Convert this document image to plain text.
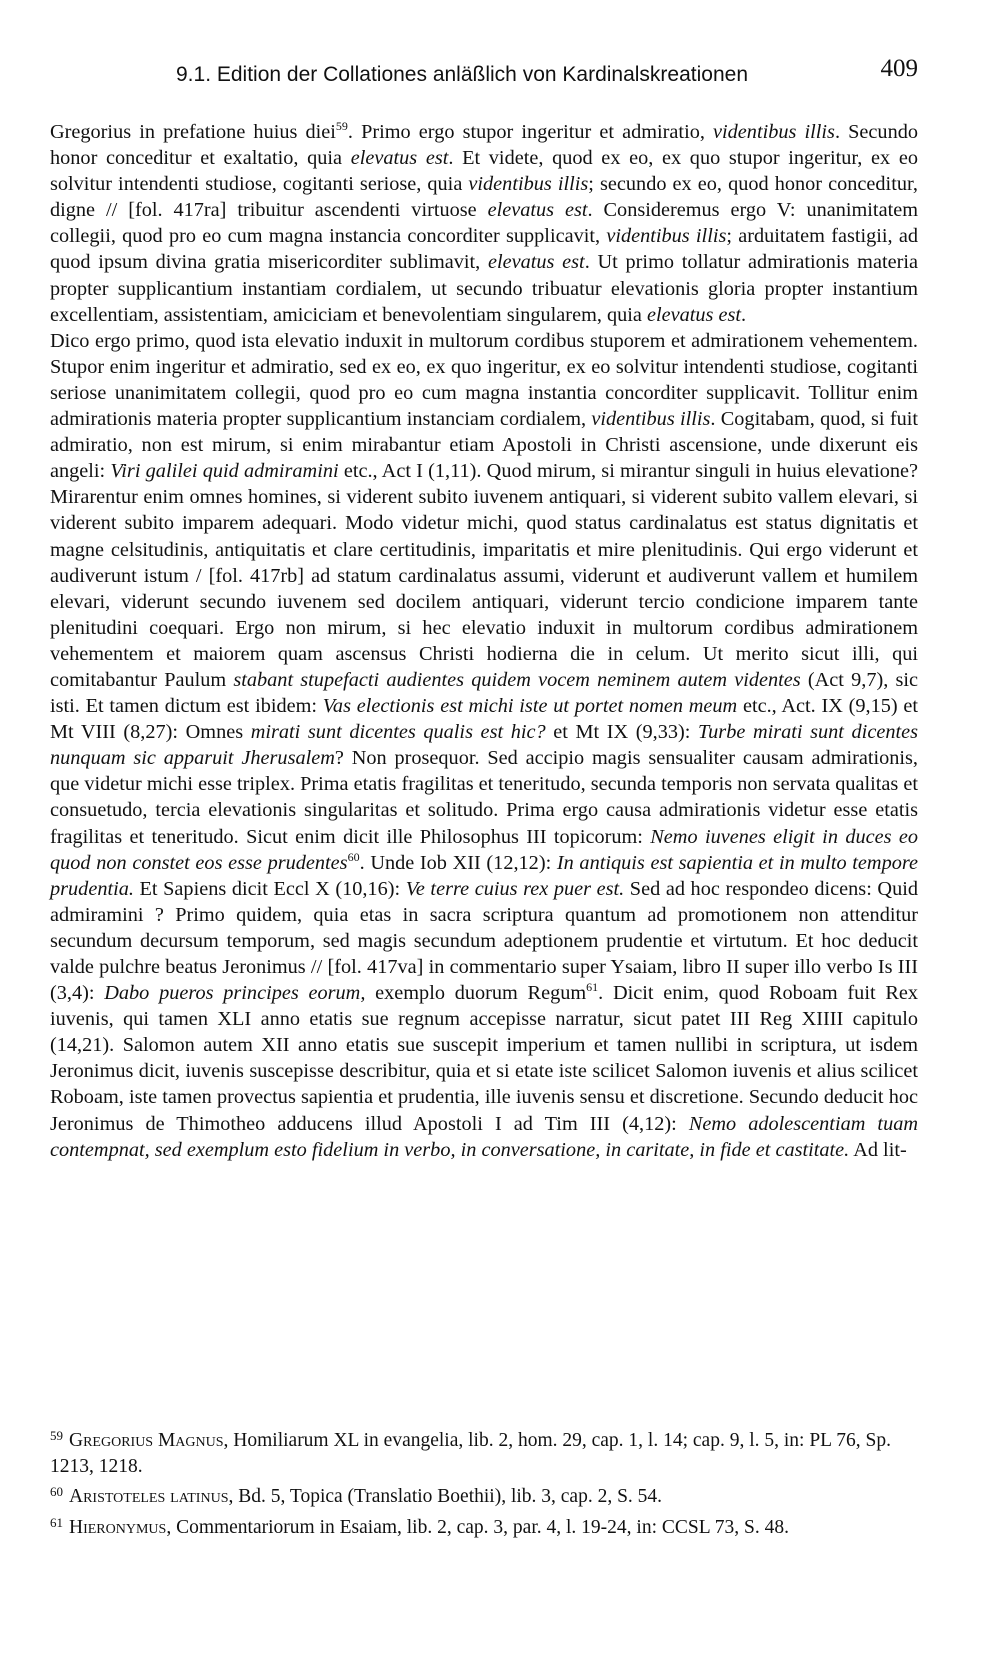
9.1. Edition der Collationes anläßlich von Kardinalskreationen	409

Gregorius in prefatione huius diei$^{59}$. Primo ergo stupor ingeritur et admiratio, videntibus illis. Secundo honor conceditur et exaltatio, quia elevatus est. Et videte, quod ex eo, ex quo stupor ingeritur, ex eo solvitur intendenti studiose, cogitanti seriose, quia videntibus illis; secundo ex eo, quod honor conceditur, digne // [fol. 417ra] tribuitur ascendenti virtuose elevatus est. Consideremus ergo V: unanimitatem collegii, quod pro eo cum magna instancia concorditer supplicavit, videntibus illis; arduitatem fastigii, ad quod ipsum divina gratia misericorditer sublimavit, elevatus est. Ut primo tollatur admirationis materia propter supplicantium instantiam cordialem, ut secundo tribuatur elevationis gloria propter instantium excellentiam, assistentiam, amiciciam et benevolentiam singularem, quia elevatus est.

Dico ergo primo, quod ista elevatio induxit in multorum cordibus stuporem et admirationem vehementem. Stupor enim ingeritur et admiratio, sed ex eo, ex quo ingeritur, ex eo solvitur intendenti studiose, cogitanti seriose unanimitatem collegii, quod pro eo cum magna instantia concorditer supplicavit. Tollitur enim admirationis materia propter supplicantium instanciam cordialem, videntibus illis. Cogitabam, quod, si fuit admiratio, non est mirum, si enim mirabantur etiam Apostoli in Christi ascensione, unde dixerunt eis angeli: Viri galilei quid admiramini etc., Act I (1,11). Quod mirum, si mirantur singuli in huius elevatione? Mirarentur enim omnes homines, si viderent subito iuvenem antiquari, si viderent subito vallem elevari, si viderent subito imparem adequari. Modo videtur michi, quod status cardinalatus est status dignitatis et magne celsitudinis, antiquitatis et clare certitudinis, imparitatis et mire plenitudinis. Qui ergo viderunt et audiverunt istum / [fol. 417rb] ad statum cardinalatus assumi, viderunt et audiverunt vallem et humilem elevari, viderunt secundo iuvenem sed docilem antiquari, viderunt tercio condicione imparem tante plenitudini coequari. Ergo non mirum, si hec elevatio induxit in multorum cordibus admirationem vehementem et maiorem quam ascensus Christi hodierna die in celum. Ut merito sicut illi, qui comitabantur Paulum stabant stupefacti audientes quidem vocem neminem autem videntes (Act 9,7), sic isti. Et tamen dictum est ibidem: Vas electionis est michi iste ut portet nomen meum etc., Act. IX (9,15) et Mt VIII (8,27): Omnes mirati sunt dicentes qualis est hic? et Mt IX (9,33): Turbe mirati sunt dicentes nunquam sic apparuit Jherusalem? Non prosequor. Sed accipio magis sensualiter causam admirationis, que videtur michi esse triplex. Prima etatis fragilitas et teneritudo, secunda temporis non servata qualitas et consuetudo, tercia elevationis singularitas et solitudo. Prima ergo causa admirationis videtur esse etatis fragilitas et teneritudo. Sicut enim dicit ille Philosophus III topicorum: Nemo iuvenes eligit in duces eo quod non constet eos esse prudentes$^{60}$. Unde Iob XII (12,12): In antiquis est sapientia et in multo tempore prudentia. Et Sapiens dicit Eccl X (10,16): Ve terre cuius rex puer est. Sed ad hoc respondeo dicens: Quid admiramini ? Primo quidem, quia etas in sacra scriptura quantum ad promotionem non attenditur secundum decursum temporum, sed magis secundum adeptionem prudentie et virtutum. Et hoc deducit valde pulchre beatus Jeronimus // [fol. 417va] in commentario super Ysaiam, libro II super illo verbo Is III (3,4): Dabo pueros principes eorum, exemplo duorum Regum$^{61}$. Dicit enim, quod Roboam fuit Rex iuvenis, qui tamen XLI anno etatis sue regnum accepisse narratur, sicut patet III Reg XIIII capitulo (14,21). Salomon autem XII anno etatis sue suscepit imperium et tamen nullibi in scriptura, ut isdem Jeronimus dicit, iuvenis suscepisse describitur, quia et si etate iste scilicet Salomon iuvenis et alius scilicet Roboam, iste tamen provectus sapientia et prudentia, ille iuvenis sensu et discretione. Secundo deducit hoc Jeronimus de Thimotheo adducens illud Apostoli I ad Tim III (4,12): Nemo adolescentiam tuam contempnat, sed exemplum esto fidelium in verbo, in conversatione, in caritate, in fide et castitate. Ad lit-

$^{59}$ Gregorius Magnus, Homiliarum XL in evangelia, lib. 2, hom. 29, cap. 1, l. 14; cap. 9, l. 5, in: PL 76, Sp. 1213, 1218.

$^{60}$ Aristoteles latinus, Bd. 5, Topica (Translatio Boethii), lib. 3, cap. 2, S. 54.

$^{61}$ Hieronymus, Commentariorum in Esaiam, lib. 2, cap. 3, par. 4, l. 19-24, in: CCSL 73, S. 48.
